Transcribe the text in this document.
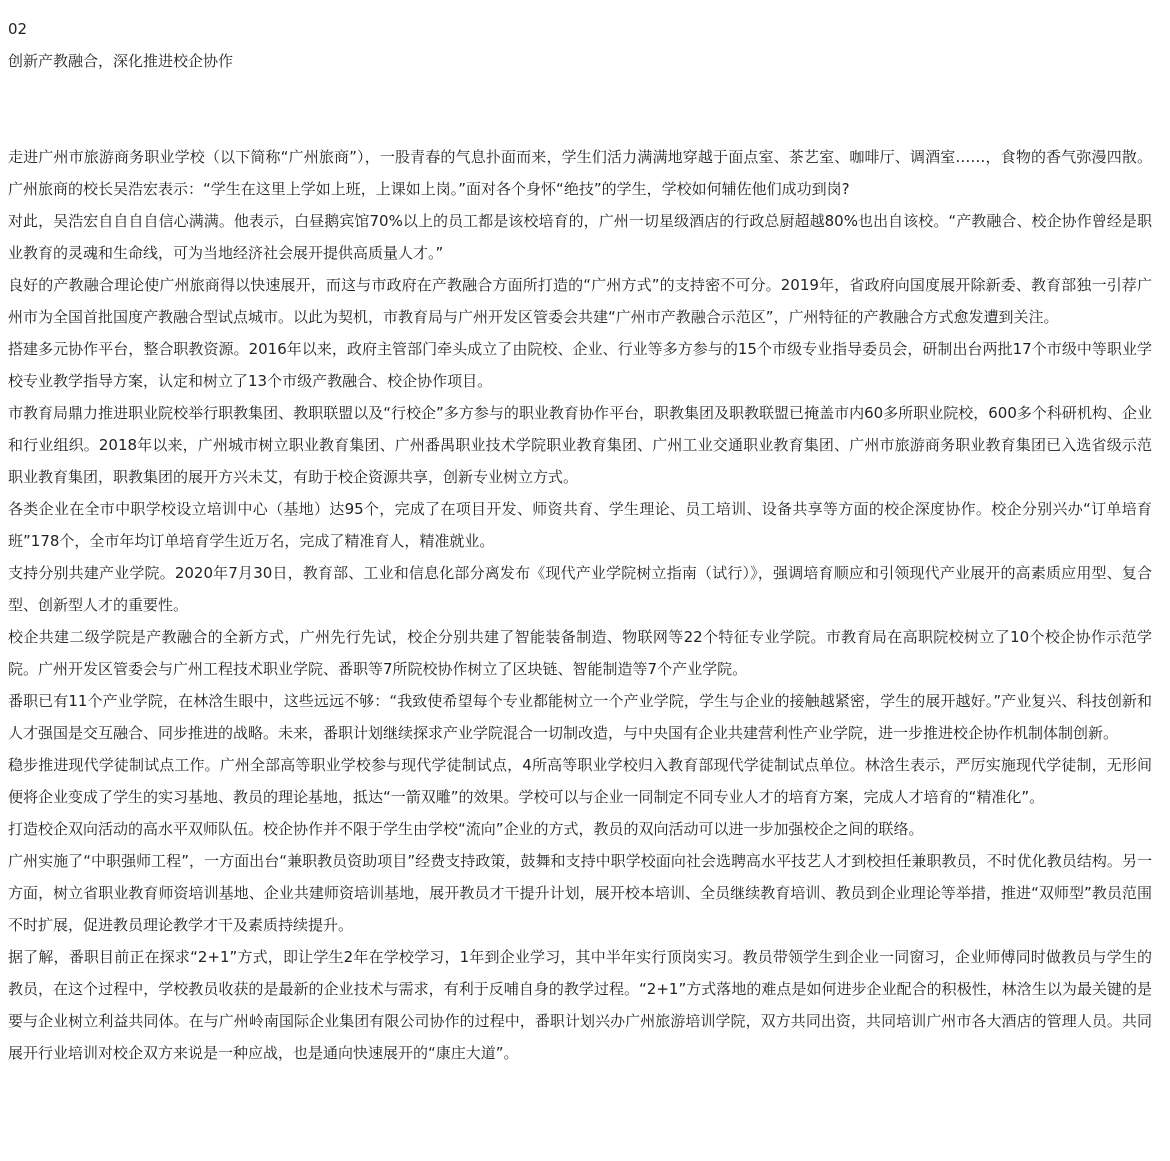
02

创新产教融合，深化推进校企协作

走进广州市旅游商务职业学校（以下简称“广州旅商”），一股青春的气息扑面而来，学生们活力满满地穿越于面点室、茶艺室、咖啡厅、调酒室……，食物的香气弥漫四散。广州旅商的校长吴浩宏表示：“学生在这里上学如上班，上课如上岗。”面对各个身怀“绝技”的学生，学校如何辅佐他们成功到岗?

对此，吴浩宏自自自自信心满满。他表示，白昼鹅宾馆70%以上的员工都是该校培育的，广州一切星级酒店的行政总厨超越80%也出自该校。“产教融合、校企协作曾经是职业教育的灵魂和生命线，可为当地经济社会展开提供高质量人才。”

良好的产教融合理论使广州旅商得以快速展开，而这与市政府在产教融合方面所打造的“广州方式”的支持密不可分。2019年，省政府向国度展开除新委、教育部独一引荐广州市为全国首批国度产教融合型试点城市。以此为契机，市教育局与广州开发区管委会共建“广州市产教融合示范区”，广州特征的产教融合方式愈发遭到关注。

搭建多元协作平台，整合职教资源。2016年以来，政府主管部门牵头成立了由院校、企业、行业等多方参与的15个市级专业指导委员会，研制出台两批17个市级中等职业学校专业教学指导方案，认定和树立了13个市级产教融合、校企协作项目。

市教育局鼎力推进职业院校举行职教集团、教职联盟以及“行校企”多方参与的职业教育协作平台，职教集团及职教联盟已掩盖市内60多所职业院校，600多个科研机构、企业和行业组织。2018年以来，广州城市树立职业教育集团、广州番禺职业技术学院职业教育集团、广州工业交通职业教育集团、广州市旅游商务职业教育集团已入选省级示范职业教育集团，职教集团的展开方兴未艾，有助于校企资源共享，创新专业树立方式。

各类企业在全市中职学校设立培训中心（基地）达95个，完成了在项目开发、师资共育、学生理论、员工培训、设备共享等方面的校企深度协作。校企分别兴办“订单培育班”178个，全市年均订单培育学生近万名，完成了精准育人，精准就业。

支持分别共建产业学院。2020年7月30日，教育部、工业和信息化部分离发布《现代产业学院树立指南（试行）》，强调培育顺应和引领现代产业展开的高素质应用型、复合型、创新型人才的重要性。

校企共建二级学院是产教融合的全新方式，广州先行先试，校企分别共建了智能装备制造、物联网等22个特征专业学院。市教育局在高职院校树立了10个校企协作示范学院。广州开发区管委会与广州工程技术职业学院、番职等7所院校协作树立了区块链、智能制造等7个产业学院。

番职已有11个产业学院，在林浛生眼中，这些远远不够：“我致使希望每个专业都能树立一个产业学院，学生与企业的接触越紧密，学生的展开越好。”产业复兴、科技创新和人才强国是交互融合、同步推进的战略。未来，番职计划继续探求产业学院混合一切制改造，与中央国有企业共建营利性产业学院，进一步推进校企协作机制体制创新。

稳步推进现代学徒制试点工作。广州全部高等职业学校参与现代学徒制试点，4所高等职业学校归入教育部现代学徒制试点单位。林浛生表示，严厉实施现代学徒制，无形间便将企业变成了学生的实习基地、教员的理论基地，抵达“一箭双雕”的效果。学校可以与企业一同制定不同专业人才的培育方案，完成人才培育的“精准化”。

打造校企双向活动的高水平双师队伍。校企协作并不限于学生由学校“流向”企业的方式，教员的双向活动可以进一步加强校企之间的联络。

广州实施了“中职强师工程”，一方面出台“兼职教员资助项目”经费支持政策，鼓舞和支持中职学校面向社会选聘高水平技艺人才到校担任兼职教员，不时优化教员结构。另一方面，树立省职业教育师资培训基地、企业共建师资培训基地，展开教员才干提升计划，展开校本培训、全员继续教育培训、教员到企业理论等举措，推进“双师型”教员范围不时扩展，促进教员理论教学才干及素质持续提升。

据了解，番职目前正在探求“2+1”方式，即让学生2年在学校学习，1年到企业学习，其中半年实行顶岗实习。教员带领学生到企业一同窗习，企业师傅同时做教员与学生的教员，在这个过程中，学校教员收获的是最新的企业技术与需求，有利于反哺自身的教学过程。“2+1”方式落地的难点是如何进步企业配合的积极性，林浛生以为最关键的是要与企业树立利益共同体。在与广州岭南国际企业集团有限公司协作的过程中，番职计划兴办广州旅游培训学院，双方共同出资，共同培训广州市各大酒店的管理人员。共同展开行业培训对校企双方来说是一种应战，也是通向快速展开的“康庄大道”。
